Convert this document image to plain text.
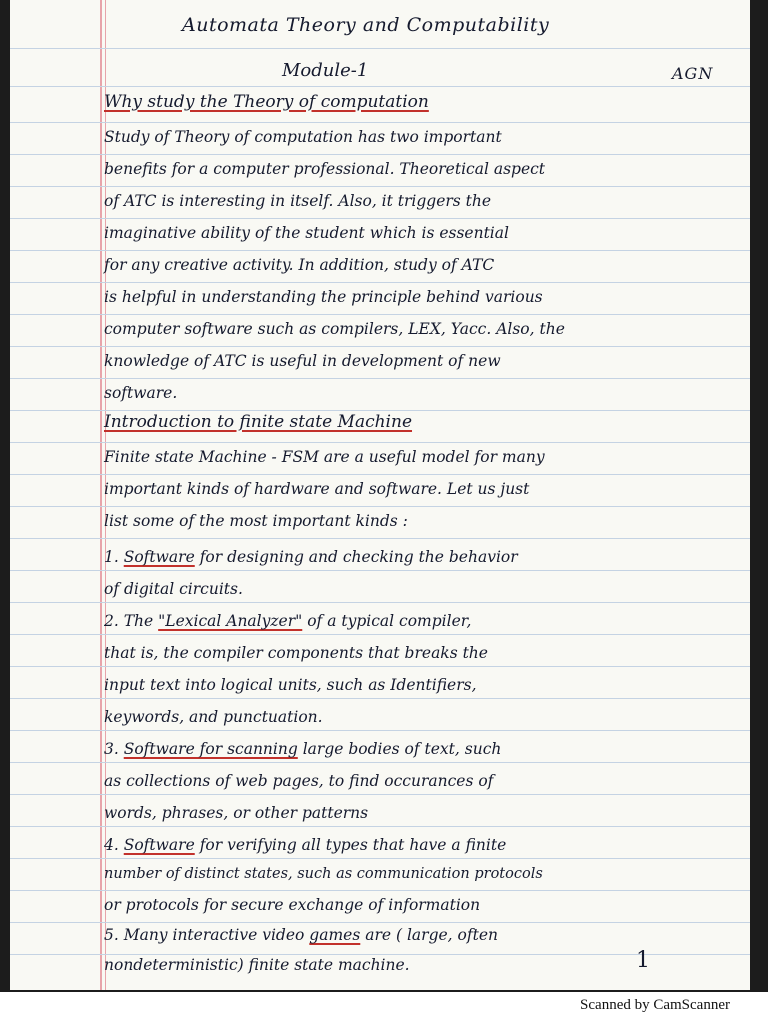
Automata Theory and Computability

Module-1	AGN

Why study the Theory of computation

Study of Theory of computation has two important

benefits for a computer professional. Theoretical aspect

of ATC is interesting in itself. Also, it triggers the

imaginative ability of the student which is essential

for any creative activity. In addition, study of ATC

is helpful in understanding the principle behind various

computer software such as compilers, LEX, Yacc. Also, the

knowledge of ATC is useful in development of new

software.

Introduction to finite state Machine

Finite state Machine - FSM are a useful model for many

important kinds of hardware and software. Let us just

list some of the most important kinds :

1. Software for designing and checking the behavior

of digital circuits.

2. The "Lexical Analyzer" of a typical compiler,

that is, the compiler components that breaks the

input text into logical units, such as Identifiers,

keywords, and punctuation.

3. Software for scanning large bodies of text, such

as collections of web pages, to find occurances of

words, phrases, or other patterns

4. Software for verifying all types that have a finite

number of distinct states, such as communication protocols

or protocols for secure exchange of information

5. Many interactive video games are ( large, often

nondeterministic) finite state machine.	1

Scanned by CamScanner
